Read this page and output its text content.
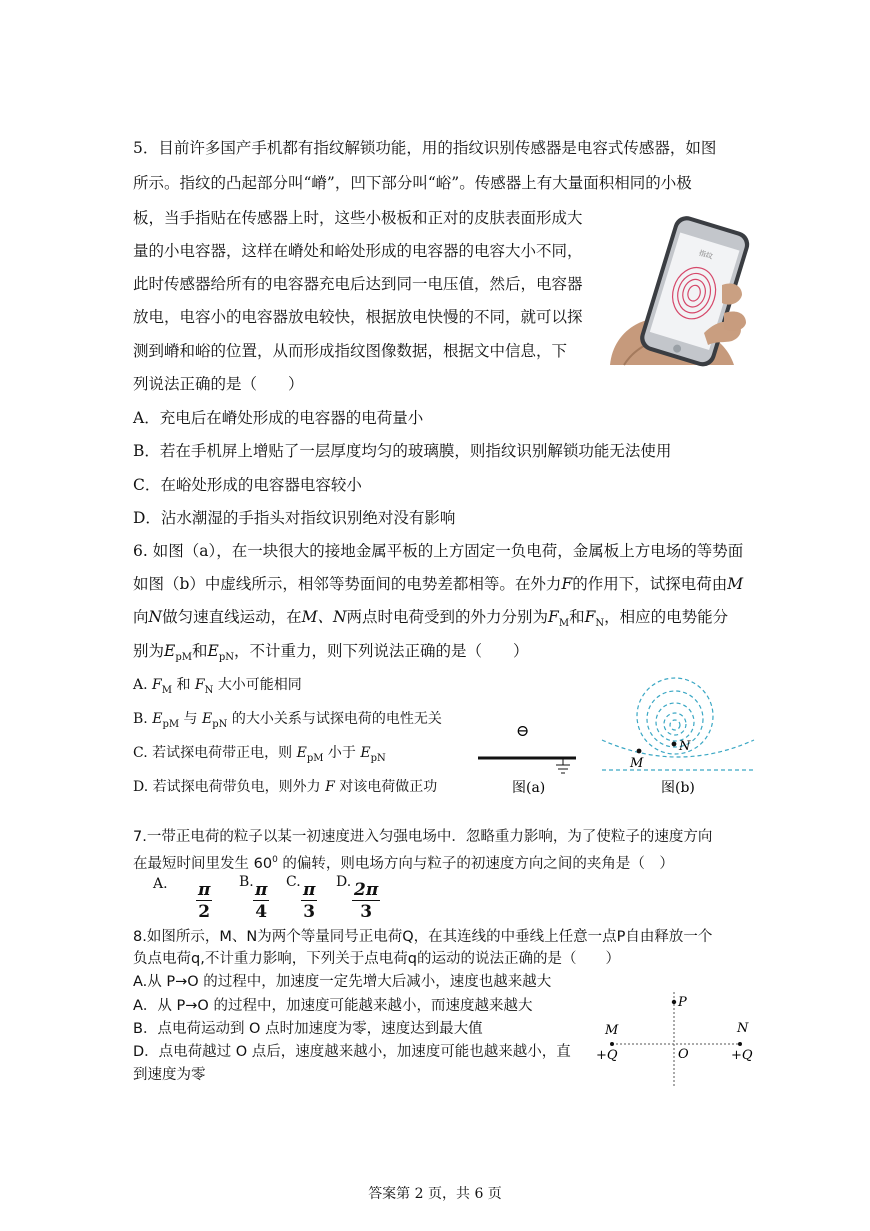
5．目前许多国产手机都有指纹解锁功能，用的指纹识别传感器是电容式传感器，如图
所示。指纹的凸起部分叫“嵴”，凹下部分叫“峪”。传感器上有大量面积相同的小极
板，当手指贴在传感器上时，这些小极板和正对的皮肤表面形成大
量的小电容器，这样在嵴处和峪处形成的电容器的电容大小不同，
此时传感器给所有的电容器充电后达到同一电压值，然后，电容器
放电，电容小的电容器放电较快，根据放电快慢的不同，就可以探
测到嵴和峪的位置，从而形成指纹图像数据，根据文中信息，下
列说法正确的是（　　）
A．充电后在嵴处形成的电容器的电荷量小
B．若在手机屏上增贴了一层厚度均匀的玻璃膜，则指纹识别解锁功能无法使用
C．在峪处形成的电容器电容较小
D．沾水潮湿的手指头对指纹识别绝对没有影响
指纹
6. 如图（a），在一块很大的接地金属平板的上方固定一负电荷，金属板上方电场的等势面
如图（b）中虚线所示，相邻等势面间的电势差都相等。在外力F的作用下，试探电荷由M
向N做匀速直线运动，在M、N两点时电荷受到的外力分别为$F_M$和$F_N$，相应的电势能分
别为$E_{pM}$和$E_{pN}$，不计重力，则下列说法正确的是（　　）
A. $F_M$ 和 $F_N$ 大小可能相同
B. $E_{pM}$ 与 $E_{pN}$ 的大小关系与试探电荷的电性无关
C. 若试探电荷带正电，则 $E_{pM}$ 小于 $E_{pN}$
D. 若试探电荷带负电，则外力 F 对该电荷做正功
⊖
图(a)
M
N
图(b)
7.一带正电荷的粒子以某一初速度进入匀强电场中．忽略重力影响，为了使粒子的速度方向
在最短时间里发生 $60^0$ 的偏转，则电场方向与粒子的初速度方向之间的夹角是（　）
A. $\frac{\pi}{2} B$. $\frac{\pi}{4} C$. $\frac{\pi}{3} D$. $\frac{2\pi}{3}$
8.如图所示，M、N为两个等量同号正电荷Q，在其连线的中垂线上任意一点P自由释放一个
负点电荷q,不计重力影响，下列关于点电荷q的运动的说法正确的是（　　）
A.从 P→O 的过程中，加速度一定先增大后减小，速度也越来越大
A．从 P→O 的过程中，加速度可能越来越小，而速度越来越大
B．点电荷运动到 O 点时加速度为零，速度达到最大值
D．点电荷越过 O 点后，速度越来越小，加速度可能也越来越小，直
到速度为零
P
M	N
O
+Q	+Q
答案第 2 页，共 6 页
